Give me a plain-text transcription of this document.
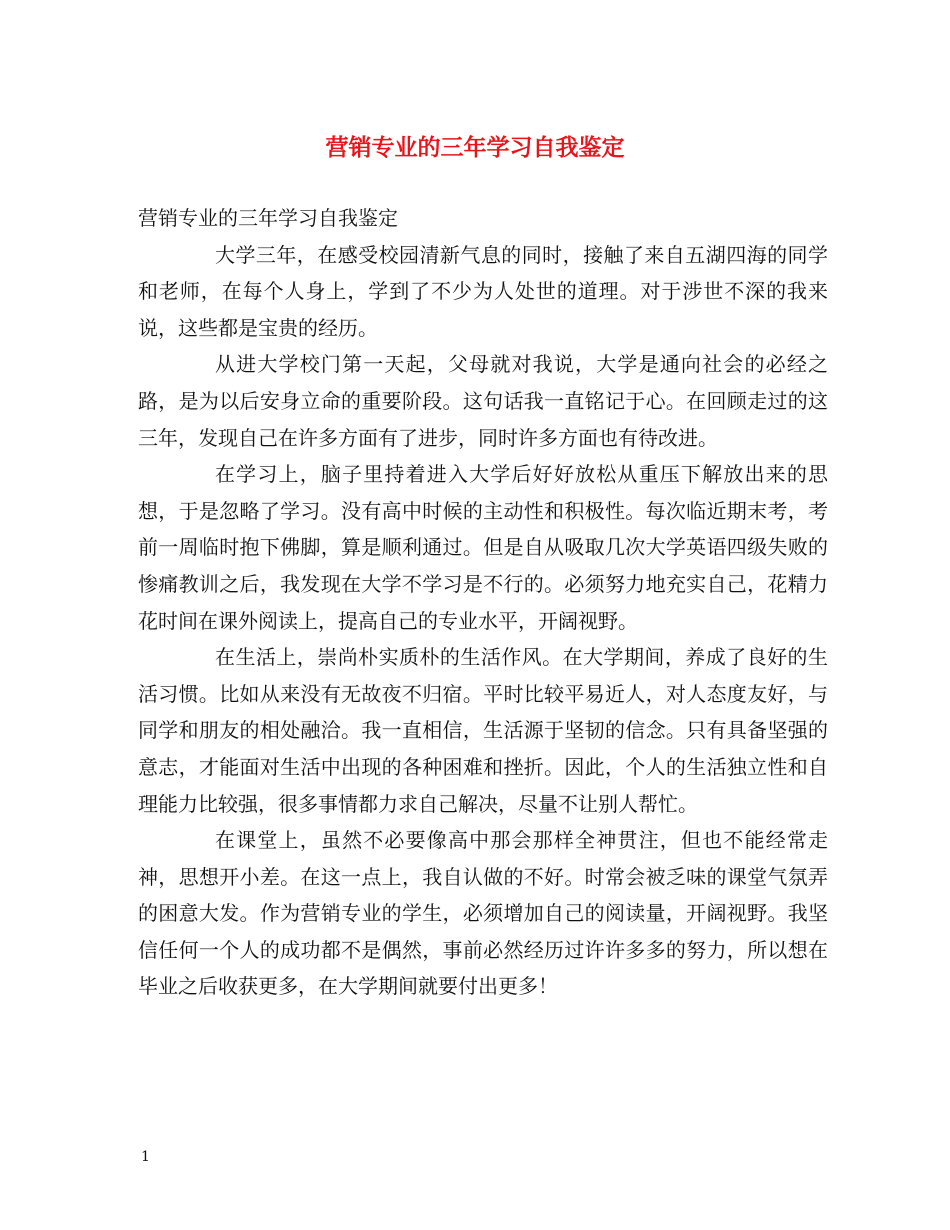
营销专业的三年学习自我鉴定

营销专业的三年学习自我鉴定

大学三年，在感受校园清新气息的同时，接触了来自五湖四海的同学和老师，在每个人身上，学到了不少为人处世的道理。对于涉世不深的我来说，这些都是宝贵的经历。

从进大学校门第一天起，父母就对我说，大学是通向社会的必经之路，是为以后安身立命的重要阶段。这句话我一直铭记于心。在回顾走过的这三年，发现自己在许多方面有了进步，同时许多方面也有待改进。

在学习上，脑子里持着进入大学后好好放松从重压下解放出来的思想，于是忽略了学习。没有高中时候的主动性和积极性。每次临近期末考，考前一周临时抱下佛脚，算是顺利通过。但是自从吸取几次大学英语四级失败的惨痛教训之后，我发现在大学不学习是不行的。必须努力地充实自己，花精力花时间在课外阅读上，提高自己的专业水平，开阔视野。

在生活上，崇尚朴实质朴的生活作风。在大学期间，养成了良好的生活习惯。比如从来没有无故夜不归宿。平时比较平易近人，对人态度友好，与同学和朋友的相处融洽。我一直相信，生活源于坚韧的信念。只有具备坚强的意志，才能面对生活中出现的各种困难和挫折。因此，个人的生活独立性和自理能力比较强，很多事情都力求自己解决，尽量不让别人帮忙。

在课堂上，虽然不必要像高中那会那样全神贯注，但也不能经常走神，思想开小差。在这一点上，我自认做的不好。时常会被乏味的课堂气氛弄的困意大发。作为营销专业的学生，必须增加自己的阅读量，开阔视野。我坚信任何一个人的成功都不是偶然，事前必然经历过许许多多的努力，所以想在毕业之后收获更多，在大学期间就要付出更多！

1
